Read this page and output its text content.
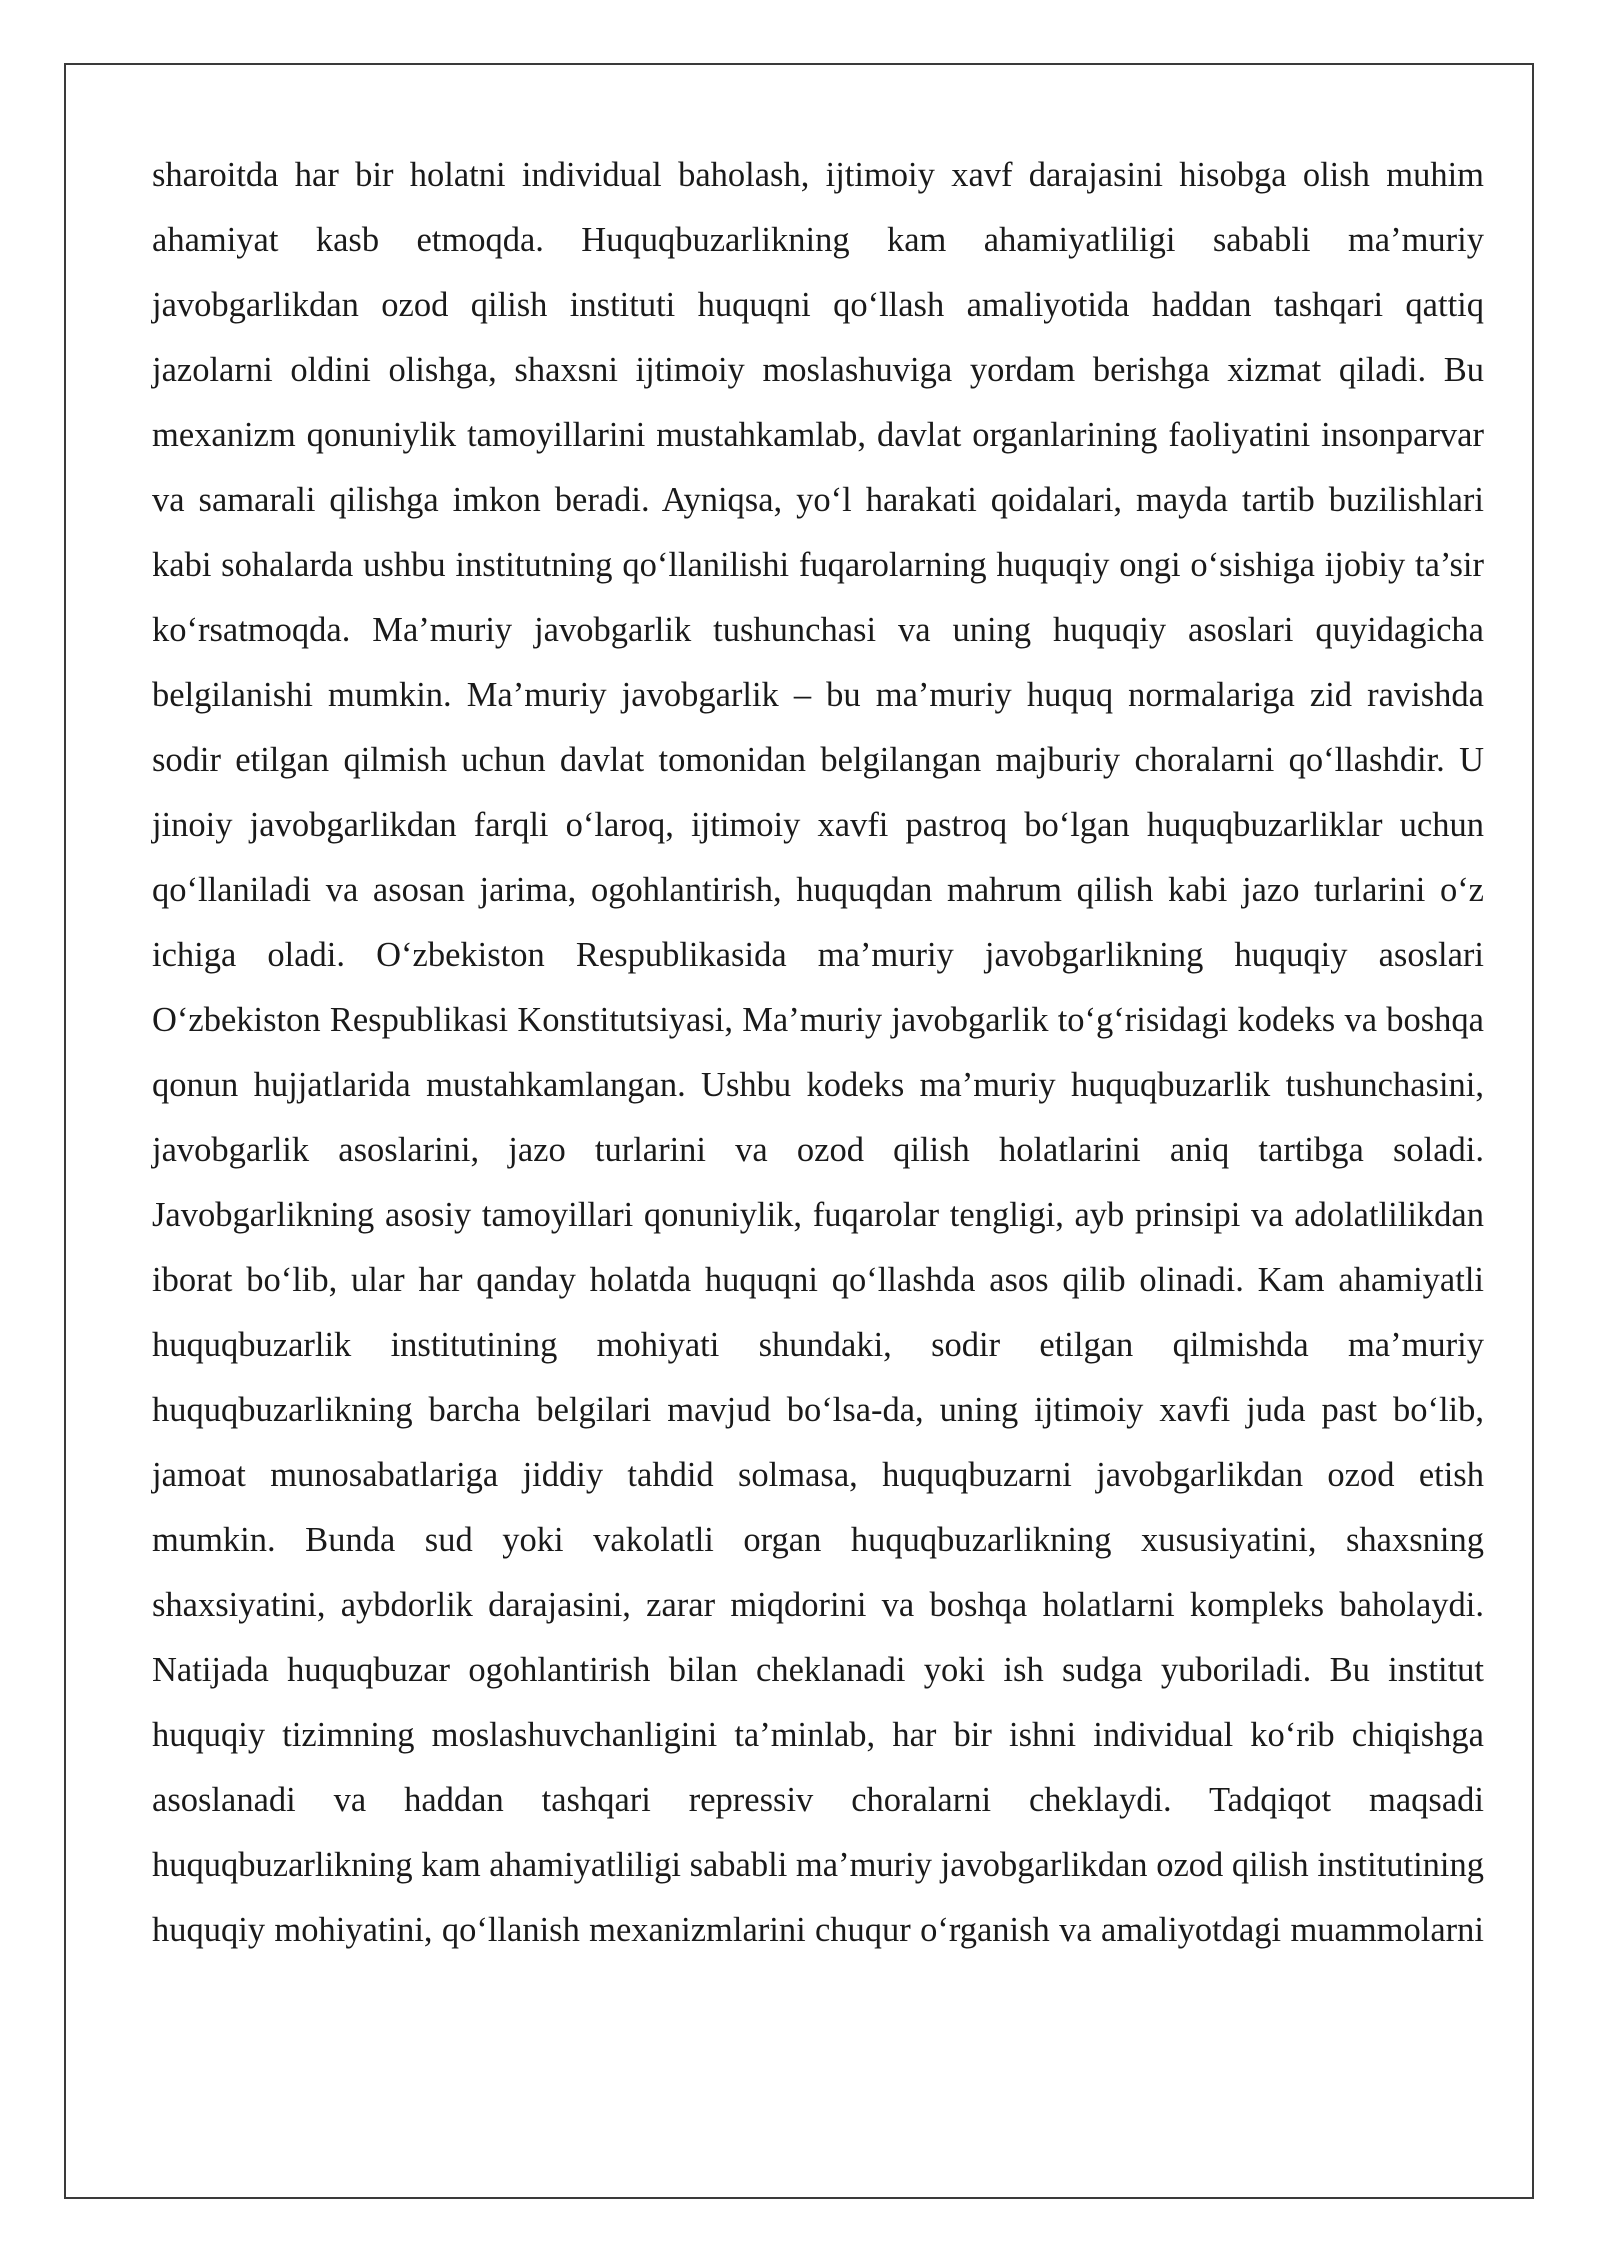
sharoitda har bir holatni individual baholash, ijtimoiy xavf darajasini hisobga olish muhim ahamiyat kasb etmoqda. Huquqbuzarlikning kam ahamiyatliligi sababli ma’muriy javobgarlikdan ozod qilish instituti huquqni qo‘llash amaliyotida haddan tashqari qattiq jazolarni oldini olishga, shaxsni ijtimoiy moslashuviga yordam berishga xizmat qiladi. Bu mexanizm qonuniylik tamoyillarini mustahkamlab, davlat organlarining faoliyatini insonparvar va samarali qilishga imkon beradi. Ayniqsa, yo‘l harakati qoidalari, mayda tartib buzilishlari kabi sohalarda ushbu institutning qo‘llanilishi fuqarolarning huquqiy ongi o‘sishiga ijobiy ta’sir ko‘rsatmoqda. Ma’muriy javobgarlik tushunchasi va uning huquqiy asoslari quyidagicha belgilanishi mumkin. Ma’muriy javobgarlik – bu ma’muriy huquq normalariga zid ravishda sodir etilgan qilmish uchun davlat tomonidan belgilangan majburiy choralarni qo‘llashdir. U jinoiy javobgarlikdan farqli o‘laroq, ijtimoiy xavfi pastroq bo‘lgan huquqbuzarliklar uchun qo‘llaniladi va asosan jarima, ogohlantirish, huquqdan mahrum qilish kabi jazo turlarini o‘z ichiga oladi. O‘zbekiston Respublikasida ma’muriy javobgarlikning huquqiy asoslari O‘zbekiston Respublikasi Konstitutsiyasi, Ma’muriy javobgarlik to‘g‘risidagi kodeks va boshqa qonun hujjatlarida mustahkamlangan. Ushbu kodeks ma’muriy huquqbuzarlik tushunchasini, javobgarlik asoslarini, jazo turlarini va ozod qilish holatlarini aniq tartibga soladi. Javobgarlikning asosiy tamoyillari qonuniylik, fuqarolar tengligi, ayb prinsipi va adolatlilikdan iborat bo‘lib, ular har qanday holatda huquqni qo‘llashda asos qilib olinadi. Kam ahamiyatli huquqbuzarlik institutining mohiyati shundaki, sodir etilgan qilmishda ma’muriy huquqbuzarlikning barcha belgilari mavjud bo‘lsa-da, uning ijtimoiy xavfi juda past bo‘lib, jamoat munosabatlariga jiddiy tahdid solmasa, huquqbuzarni javobgarlikdan ozod etish mumkin. Bunda sud yoki vakolatli organ huquqbuzarlikning xususiyatini, shaxsning shaxsiyatini, aybdorlik darajasini, zarar miqdorini va boshqa holatlarni kompleks baholaydi. Natijada huquqbuzar ogohlantirish bilan cheklanadi yoki ish sudga yuboriladi. Bu institut huquqiy tizimning moslashuvchanligini ta’minlab, har bir ishni individual ko‘rib chiqishga asoslanadi va haddan tashqari repressiv choralarni cheklaydi. Tadqiqot maqsadi huquqbuzarlikning kam ahamiyatliligi sababli ma’muriy javobgarlikdan ozod qilish institutining huquqiy mohiyatini, qo‘llanish mexanizmlarini chuqur o‘rganish va amaliyotdagi muammolarni
